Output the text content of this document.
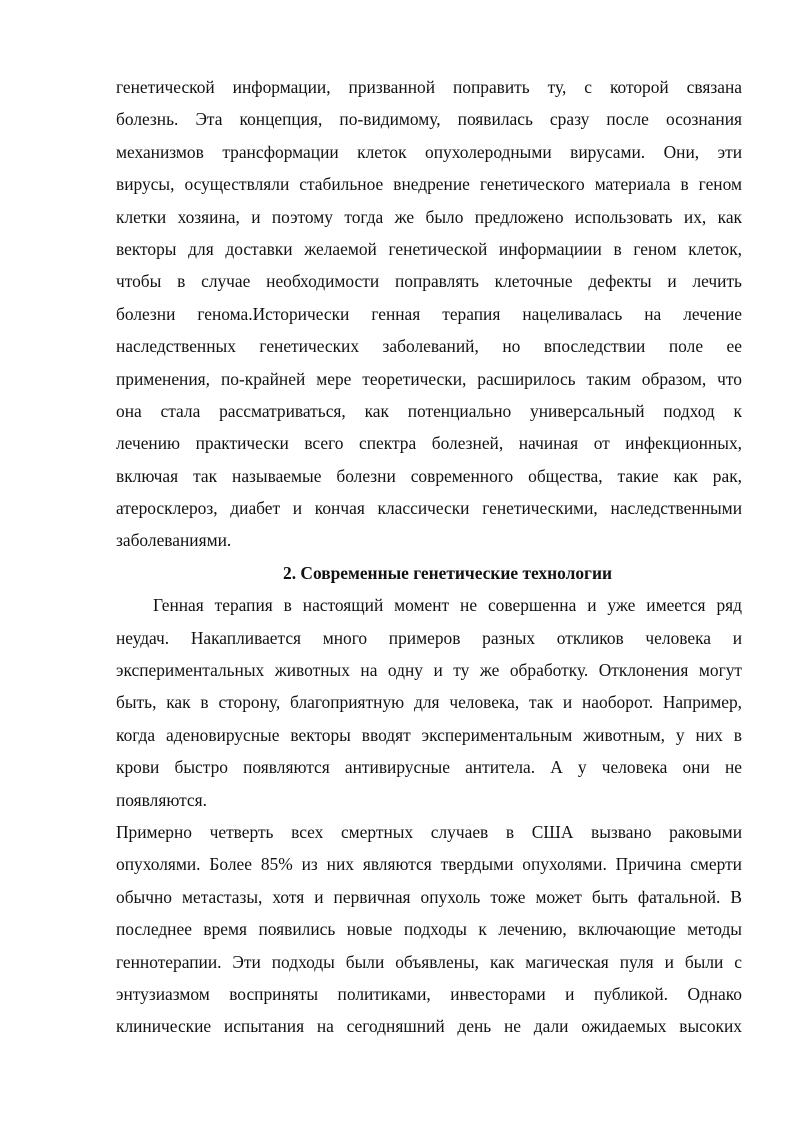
генетической информации, призванной поправить ту, с которой связана
болезнь. Эта концепция, по-видимому, появилась сразу после осознания
механизмов трансформации клеток опухолеродными вирусами. Они, эти
вирусы, осуществляли стабильное внедрение генетического материала в геном
клетки хозяина, и поэтому тогда же было предложено использовать их, как
векторы для доставки желаемой генетической информациии в геном клеток,
чтобы в случае необходимости поправлять клеточные дефекты и лечить
болезни генома.Исторически генная терапия нацеливалась на лечение
наследственных генетических заболеваний, но впоследствии поле ее
применения, по-крайней мере теоретически, расширилось таким образом, что
она стала рассматриваться, как потенциально универсальный подход к
лечению практически всего спектра болезней, начиная от инфекционных,
включая так называемые болезни современного общества, такие как рак,
атеросклероз, диабет и кончая классически генетическими, наследственными
заболеваниями.
2. Современные генетические технологии
Генная терапия в настоящий момент не совершенна и уже имеется ряд
неудач. Накапливается много примеров разных откликов человека и
экспериментальных животных на одну и ту же обработку. Отклонения могут
быть, как в сторону, благоприятную для человека, так и наоборот. Например,
когда аденовирусные векторы вводят экспериментальным животным, у них в
крови быстро появляются антивирусные антитела. А у человека они не
появляются.
Примерно четверть всех смертных случаев в США вызвано раковыми
опухолями. Более 85% из них являются твердыми опухолями. Причина смерти
обычно метастазы, хотя и первичная опухоль тоже может быть фатальной. В
последнее время появились новые подходы к лечению, включающие методы
геннотерапии. Эти подходы были объявлены, как магическая пуля и были с
энтузиазмом восприняты политиками, инвесторами и публикой. Однако
клинические испытания на сегодняшний день не дали ожидаемых высоких
